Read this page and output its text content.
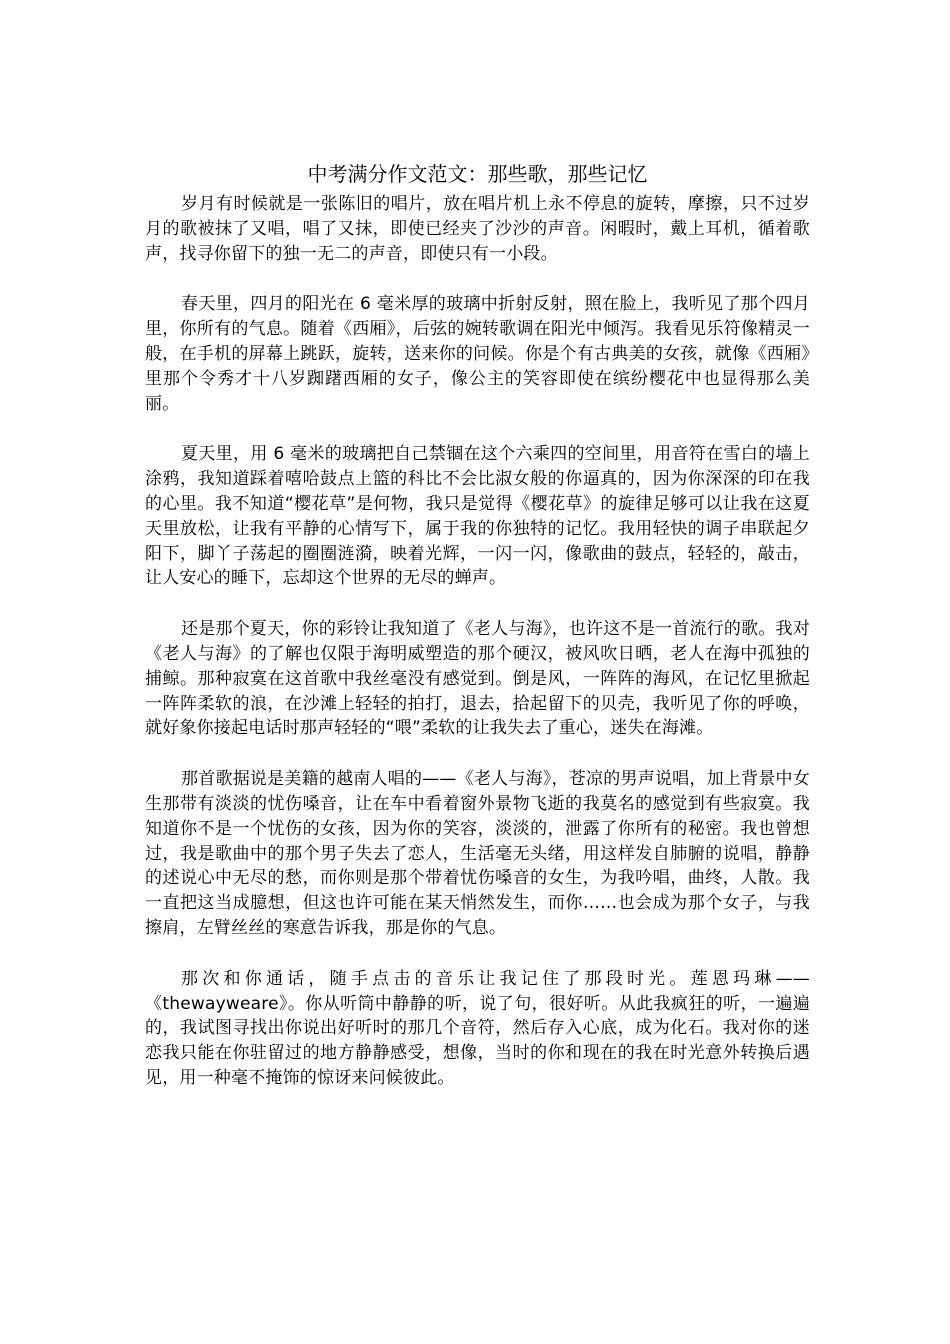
中考满分作文范文：那些歌，那些记忆

岁月有时候就是一张陈旧的唱片，放在唱片机上永不停息的旋转，摩擦，只不过岁月的歌被抹了又唱，唱了又抹，即使已经夹了沙沙的声音。闲暇时，戴上耳机，循着歌声，找寻你留下的独一无二的声音，即使只有一小段。

春天里，四月的阳光在 6 毫米厚的玻璃中折射反射，照在脸上，我听见了那个四月里，你所有的气息。随着《西厢》，后弦的婉转歌调在阳光中倾泻。我看见乐符像精灵一般，在手机的屏幕上跳跃，旋转，送来你的问候。你是个有古典美的女孩，就像《西厢》里那个令秀才十八岁踟躇西厢的女子，像公主的笑容即使在缤纷樱花中也显得那么美丽。

夏天里，用 6 毫米的玻璃把自己禁锢在这个六乘四的空间里，用音符在雪白的墙上涂鸦，我知道踩着嘻哈鼓点上篮的科比不会比淑女般的你逼真的，因为你深深的印在我的心里。我不知道“樱花草”是何物，我只是觉得《樱花草》的旋律足够可以让我在这夏天里放松，让我有平静的心情写下，属于我的你独特的记忆。我用轻快的调子串联起夕阳下，脚丫子荡起的圈圈涟漪，映着光辉，一闪一闪，像歌曲的鼓点，轻轻的，敲击，让人安心的睡下，忘却这个世界的无尽的蝉声。

还是那个夏天，你的彩铃让我知道了《老人与海》，也许这不是一首流行的歌。我对《老人与海》的了解也仅限于海明威塑造的那个硬汉，被风吹日晒，老人在海中孤独的捕鲸。那种寂寞在这首歌中我丝毫没有感觉到。倒是风，一阵阵的海风，在记忆里掀起一阵阵柔软的浪，在沙滩上轻轻的拍打，退去，拾起留下的贝壳，我听见了你的呼唤，就好象你接起电话时那声轻轻的“喂”柔软的让我失去了重心，迷失在海滩。

那首歌据说是美籍的越南人唱的——《老人与海》，苍凉的男声说唱，加上背景中女生那带有淡淡的忧伤嗓音，让在车中看着窗外景物飞逝的我莫名的感觉到有些寂寞。我知道你不是一个忧伤的女孩，因为你的笑容，淡淡的，泄露了你所有的秘密。我也曾想过，我是歌曲中的那个男子失去了恋人，生活毫无头绪，用这样发自肺腑的说唱，静静的述说心中无尽的愁，而你则是那个带着忧伤嗓音的女生，为我吟唱，曲终，人散。我一直把这当成臆想，但这也许可能在某天悄然发生，而你……也会成为那个女子，与我擦肩，左臂丝丝的寒意告诉我，那是你的气息。

那次和你通话，随手点击的音乐让我记住了那段时光。莲恩玛琳——《thewayweare》。你从听筒中静静的听，说了句，很好听。从此我疯狂的听，一遍遍的，我试图寻找出你说出好听时的那几个音符，然后存入心底，成为化石。我对你的迷恋我只能在你驻留过的地方静静感受，想像，当时的你和现在的我在时光意外转换后遇见，用一种毫不掩饰的惊讶来问候彼此。
